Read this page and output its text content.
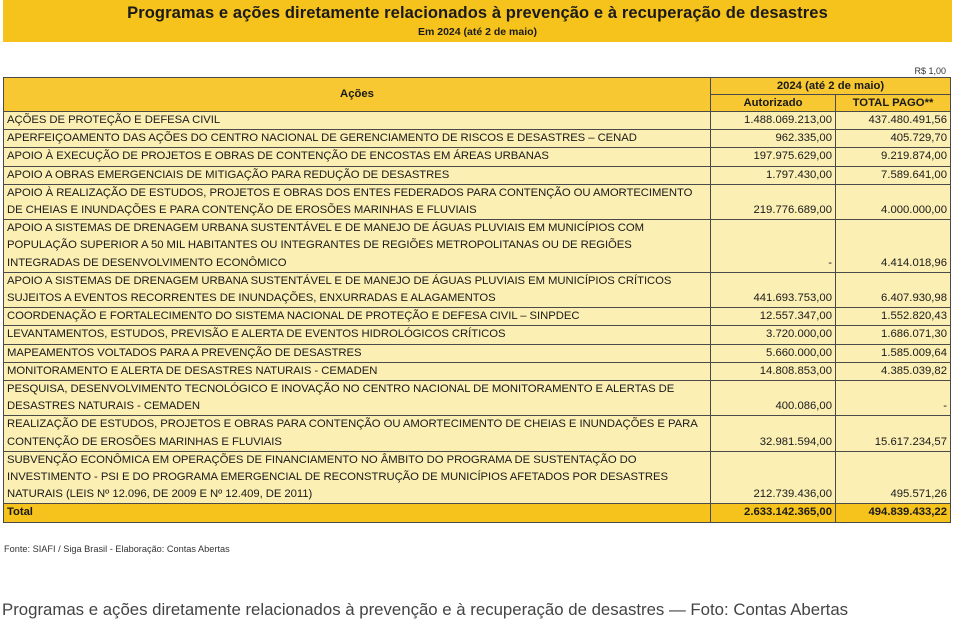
Programas e ações diretamente relacionados à prevenção e à recuperação de desastres
Em 2024 (até 2 de maio)
R$ 1,00
Ações	2024 (até 2 de maio)	
	Autorizado	TOTAL PAGO**
AÇÕES DE PROTEÇÃO E DEFESA CIVIL	1.488.069.213,00	437.480.491,56
APERFEIÇOAMENTO DAS AÇÕES DO CENTRO NACIONAL DE GERENCIAMENTO DE RISCOS E DESASTRES – CENAD	962.335,00	405.729,70
APOIO À EXECUÇÃO DE PROJETOS E OBRAS DE CONTENÇÃO DE ENCOSTAS EM ÁREAS URBANAS	197.975.629,00	9.219.874,00
APOIO A OBRAS EMERGENCIAIS DE MITIGAÇÃO PARA REDUÇÃO DE DESASTRES	1.797.430,00	7.589.641,00
APOIO À REALIZAÇÃO DE ESTUDOS, PROJETOS E OBRAS DOS ENTES FEDERADOS PARA CONTENÇÃO OU AMORTECIMENTO DE CHEIAS E INUNDAÇÕES E PARA CONTENÇÃO DE EROSÕES MARINHAS E FLUVIAIS	219.776.689,00	4.000.000,00
APOIO A SISTEMAS DE DRENAGEM URBANA SUSTENTÁVEL E DE MANEJO DE ÁGUAS PLUVIAIS EM MUNICÍPIOS COM POPULAÇÃO SUPERIOR A 50 MIL HABITANTES OU INTEGRANTES DE REGIÕES METROPOLITANAS OU DE REGIÕES INTEGRADAS DE DESENVOLVIMENTO ECONÔMICO	-	4.414.018,96
APOIO A SISTEMAS DE DRENAGEM URBANA SUSTENTÁVEL E DE MANEJO DE ÁGUAS PLUVIAIS EM MUNICÍPIOS CRÍTICOS SUJEITOS A EVENTOS RECORRENTES DE INUNDAÇÕES, ENXURRADAS E ALAGAMENTOS	441.693.753,00	6.407.930,98
COORDENAÇÃO E FORTALECIMENTO DO SISTEMA NACIONAL DE PROTEÇÃO E DEFESA CIVIL – SINPDEC	12.557.347,00	1.552.820,43
LEVANTAMENTOS, ESTUDOS, PREVISÃO E ALERTA DE EVENTOS HIDROLÓGICOS CRÍTICOS	3.720.000,00	1.686.071,30
MAPEAMENTOS VOLTADOS PARA A PREVENÇÃO DE DESASTRES	5.660.000,00	1.585.009,64
MONITORAMENTO E ALERTA DE DESASTRES NATURAIS - CEMADEN	14.808.853,00	4.385.039,82
PESQUISA, DESENVOLVIMENTO TECNOLÓGICO E INOVAÇÃO NO CENTRO NACIONAL DE MONITORAMENTO E ALERTAS DE DESASTRES NATURAIS - CEMADEN	400.086,00	-
REALIZAÇÃO DE ESTUDOS, PROJETOS E OBRAS PARA CONTENÇÃO OU AMORTECIMENTO DE CHEIAS E INUNDAÇÕES E PARA CONTENÇÃO DE EROSÕES MARINHAS E FLUVIAIS	32.981.594,00	15.617.234,57
SUBVENÇÃO ECONÔMICA EM OPERAÇÕES DE FINANCIAMENTO NO ÂMBITO DO PROGRAMA DE SUSTENTAÇÃO DO INVESTIMENTO - PSI E DO PROGRAMA EMERGENCIAL DE RECONSTRUÇÃO DE MUNICÍPIOS AFETADOS POR DESASTRES NATURAIS (LEIS Nº 12.096, DE 2009 E Nº 12.409, DE 2011)	212.739.436,00	495.571,26
Total	2.633.142.365,00	494.839.433,22
Fonte: SIAFI / Siga Brasil - Elaboração: Contas Abertas
Programas e ações diretamente relacionados à prevenção e à recuperação de desastres — Foto: Contas Abertas
